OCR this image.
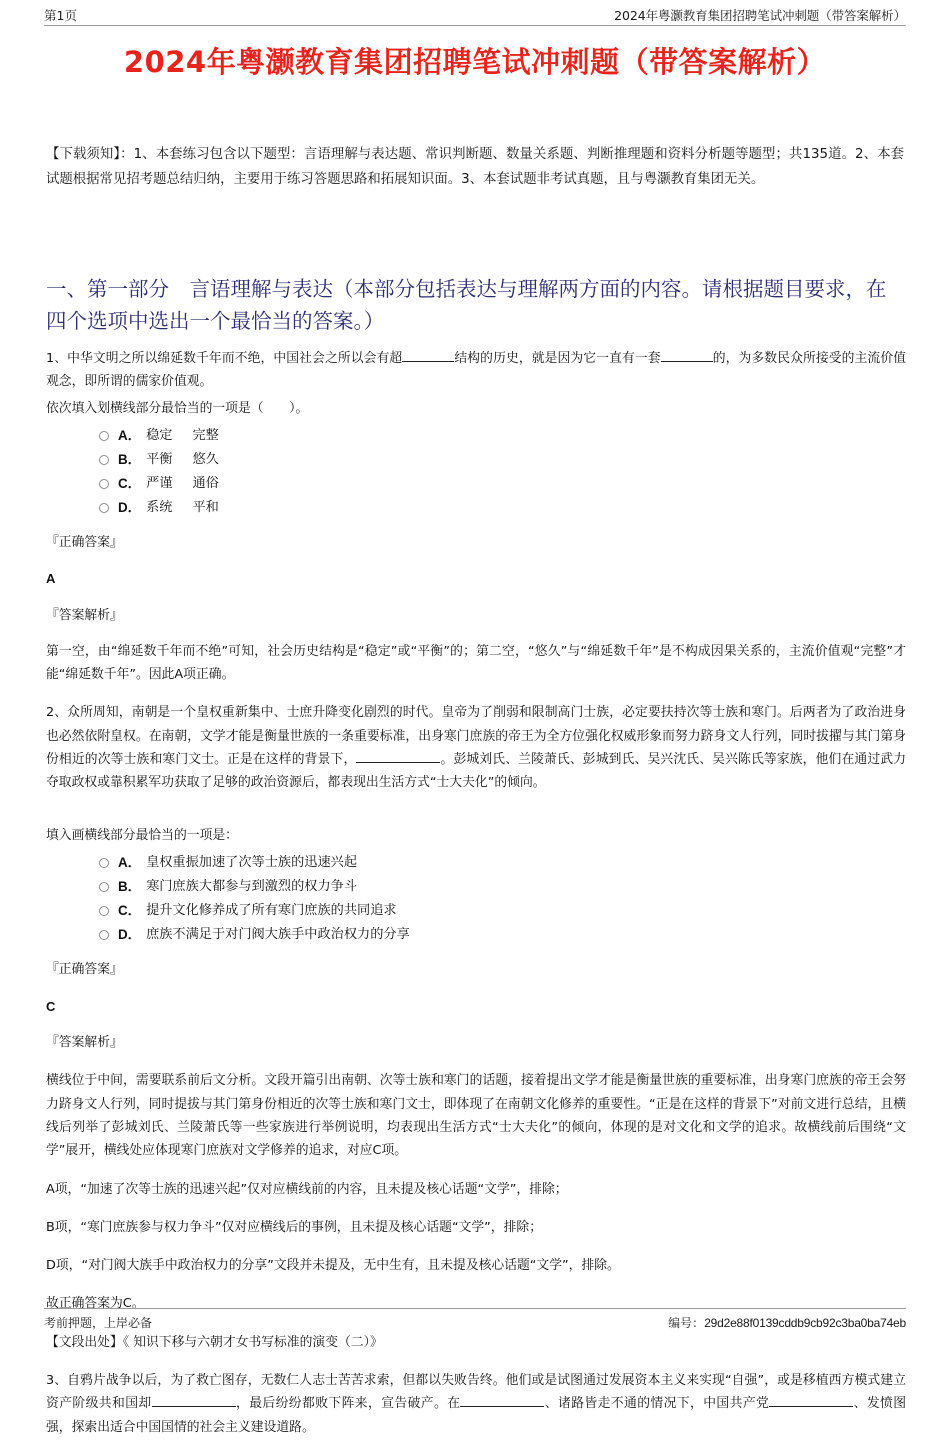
第1页	2024年粤灏教育集团招聘笔试冲刺题（带答案解析）
2024年粤灏教育集团招聘笔试冲刺题（带答案解析）
【下载须知】：1、本套练习包含以下题型：言语理解与表达题、常识判断题、数量关系题、判断推理题和资料分析题等题型；共135道。2、本套试题根据常见招考题总结归纳，主要用于练习答题思路和拓展知识面。3、本套试题非考试真题，且与粤灏教育集团无关。
一、第一部分　言语理解与表达（本部分包括表达与理解两方面的内容。请根据题目要求，在四个选项中选出一个最恰当的答案。）

1、中华文明之所以绵延数千年而不绝，中国社会之所以会有超	结构的历史，就是因为它一直有一套	的，为多数民众所接受的主流价值观念，即所谓的儒家价值观。

依次填入划横线部分最恰当的一项是（　　）。

A． 稳定 完整
B． 平衡 悠久
C． 严谨 通俗
D． 系统 平和

『正确答案』

A

『答案解析』

第一空，由“绵延数千年而不绝”可知，社会历史结构是“稳定”或“平衡”的；第二空，“悠久”与“绵延数千年”是不构成因果关系的，主流价值观“完整”才能“绵延数千年”。因此A项正确。

2、众所周知，南朝是一个皇权重新集中、士庶升降变化剧烈的时代。皇帝为了削弱和限制高门士族，必定要扶持次等士族和寒门。后两者为了政治进身也必然依附皇权。在南朝，文学才能是衡量世族的一条重要标准，出身寒门庶族的帝王为全方位强化权威形象而努力跻身文人行列，同时拔擢与其门第身份相近的次等士族和寒门文士。正是在这样的背景下，	。彭城刘氏、兰陵萧氏、彭城到氏、吴兴沈氏、吴兴陈氏等家族，他们在通过武力夺取政权或靠积累军功获取了足够的政治资源后，都表现出生活方式“士大夫化”的倾向。

填入画横线部分最恰当的一项是：

A． 皇权重振加速了次等士族的迅速兴起
B． 寒门庶族大都参与到激烈的权力争斗
C． 提升文化修养成了所有寒门庶族的共同追求
D． 庶族不满足于对门阀大族手中政治权力的分享

『正确答案』

C

『答案解析』

横线位于中间，需要联系前后文分析。文段开篇引出南朝、次等士族和寒门的话题，接着提出文学才能是衡量世族的重要标准，出身寒门庶族的帝王会努力跻身文人行列，同时提拔与其门第身份相近的次等士族和寒门文士，即体现了在南朝文化修养的重要性。“正是在这样的背景下”对前文进行总结，且横线后列举了彭城刘氏、兰陵萧氏等一些家族进行举例说明，均表现出生活方式“士大夫化”的倾向，体现的是对文化和文学的追求。故横线前后围绕“文学”展开，横线处应体现寒门庶族对文学修养的追求，对应C项。

A项，“加速了次等士族的迅速兴起”仅对应横线前的内容，且未提及核心话题“文学”，排除；

B项，“寒门庶族参与权力争斗”仅对应横线后的事例，且未提及核心话题“文学”，排除；

D项，“对门阀大族手中政治权力的分享”文段并未提及，无中生有，且未提及核心话题“文学”，排除。

故正确答案为C。

【文段出处】《 知识下移与六朝才女书写标准的演变（二）》

3、自鸦片战争以后，为了救亡图存，无数仁人志士苦苦求索，但都以失败告终。他们或是试图通过发展资本主义来实现“自强”，或是移植西方模式建立资产阶级共和国却	，最后纷纷都败下阵来，宣告破产。在	、诸路皆走不通的情况下，中国共产党	、发愤图强，探索出适合中国国情的社会主义建设道路。

考前押题，上岸必备	编号：29d2e88f0139cddb9cb92c3ba0ba74eb
